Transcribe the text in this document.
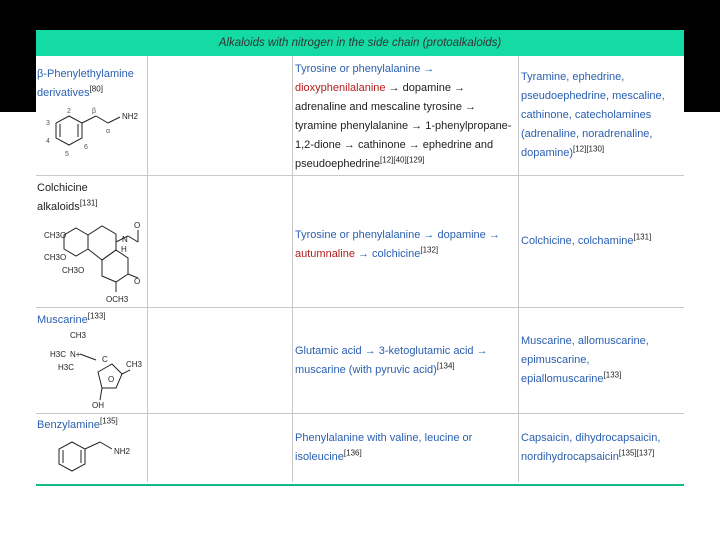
Alkaloids with nitrogen in the side chain (protoalkaloids)
β-Phenylethylamine derivatives[80]
2
3
4
5
6
β
α
NH2
Tyrosine or phenylalanine → dioxyphenilalanine → dopamine → adrenaline and mescaline tyrosine → tyramine phenylalanine → 1-phenylpropane-1,2-dione → cathinone → ephedrine and pseudoephedrine[12][40][129]
Tyramine, ephedrine, pseudoephedrine, mescaline, cathinone, catecholamines (adrenaline, noradrenaline, dopamine)[12][130]
Colchicine alkaloids[131]
CH3O
CH3O
CH3O
O
N
H
O
OCH3
Tyrosine or phenylalanine → dopamine → autumnaline → colchicine[132]
Colchicine, colchamine[131]
Muscarine[133]
CH3
H3C N+
H3C
C
O
CH3
OH
Glutamic acid → 3-ketoglutamic acid → muscarine (with pyruvic acid)[134]
Muscarine, allomuscarine, epimuscarine, epiallomuscarine[133]
Benzylamine[135]
NH2
Phenylalanine with valine, leucine or isoleucine[136]
Capsaicin, dihydrocapsaicin, nordihydrocapsaicin[135][137]
